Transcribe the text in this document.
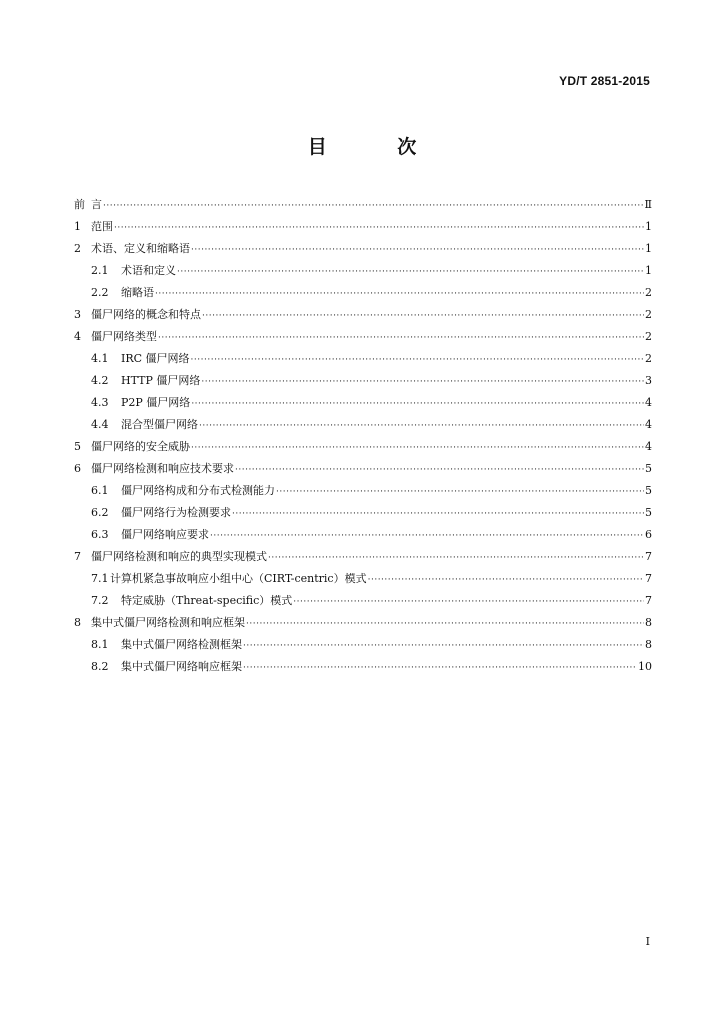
YD/T 2851-2015
目 次
前 言 ·····	Ⅱ
1 范围 ·····	1
2 术语、定义和缩略语 ·····	1
2.1	术语和定义 ·····	1
2.2	缩略语 ·····	2
3 僵尸网络的概念和特点 ·····	2
4 僵尸网络类型 ·····	2
4.1	IRC 僵尸网络 ·····	2
4.2	HTTP 僵尸网络 ·····	3
4.3	P2P 僵尸网络 ·····	4
4.4	混合型僵尸网络 ·····	4
5 僵尸网络的安全威胁 ·····	4
6 僵尸网络检测和响应技术要求 ·····	5
6.1	僵尸网络构成和分布式检测能力 ·····	5
6.2	僵尸网络行为检测要求 ·····	5
6.3	僵尸网络响应要求 ·····	6
7 僵尸网络检测和响应的典型实现模式 ·····	7
7.1 计算机紧急事故响应小组中心（CIRT-centric）模式 ·····	7
7.2	特定威胁（Threat-specific）模式 ·····	7
8 集中式僵尸网络检测和响应框架 ·····	8
8.1	集中式僵尸网络检测框架 ·····	8
8.2	集中式僵尸网络响应框架 ·····	10
I
